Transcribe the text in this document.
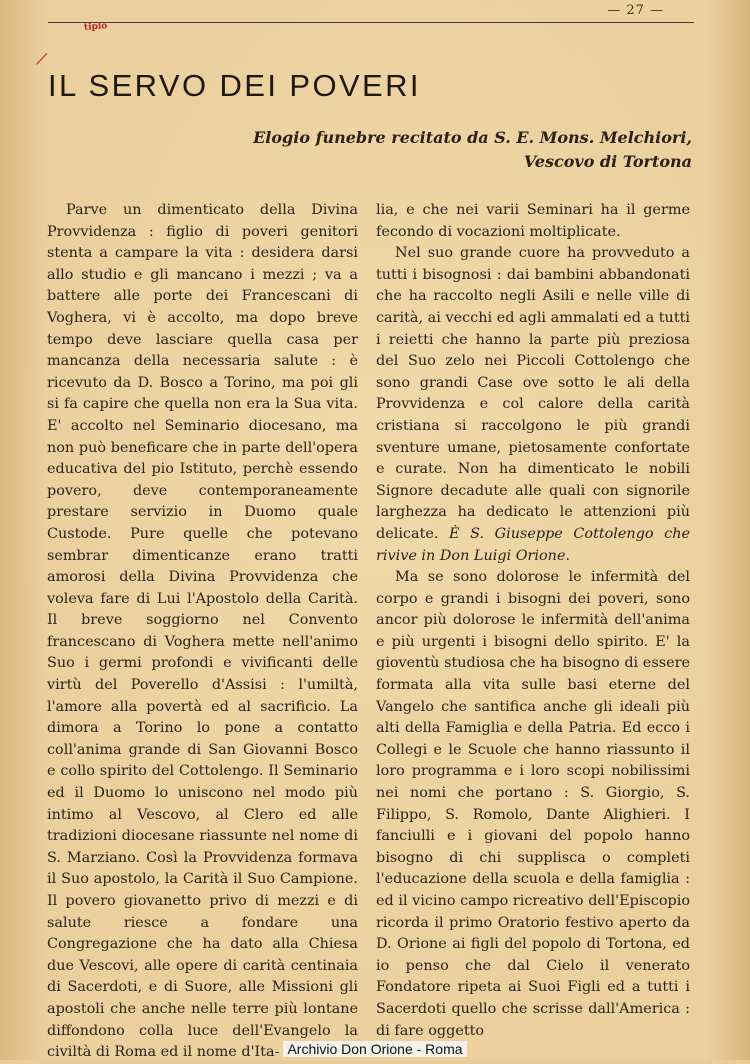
— 27 —
tiplo
⁄
IL SERVO DEI POVERI
Elogio funebre recitato da S. E. Mons. Melchiori,
Vescovo di Tortona

Parve un dimenticato della Divina Provvidenza : figlio di poveri genitori stenta a campare la vita : desidera darsi allo studio e gli mancano i mezzi ; va a battere alle porte dei Francescani di Voghera, vi è accolto, ma dopo breve tempo deve lasciare quella casa per mancanza della necessaria salute : è ricevuto da D. Bosco a Torino, ma poi gli si fa capire che quella non era la Sua vita. E' accolto nel Seminario diocesano, ma non può beneficare che in parte dell'opera educativa del pio Istituto, perchè essendo povero, deve contemporaneamente prestare servizio in Duomo quale Custode. Pure quelle che potevano sembrar dimenticanze erano tratti amorosi della Divina Provvidenza che voleva fare di Lui l'Apostolo della Carità. Il breve soggiorno nel Convento francescano di Voghera mette nell'animo Suo i germi profondi e vivificanti delle virtù del Poverello d'Assisi : l'umiltà, l'amore alla povertà ed al sacrificio. La dimora a Torino lo pone a contatto coll'anima grande di San Giovanni Bosco e collo spirito del Cottolengo. Il Seminario ed il Duomo lo uniscono nel modo più intimo al Vescovo, al Clero ed alle tradizioni diocesane riassunte nel nome di S. Marziano. Così la Provvidenza formava il Suo apostolo, la Carità il Suo Campione. Il povero giovanetto privo di mezzi e di salute riesce a fondare una Congregazione che ha dato alla Chiesa due Vescovi, alle opere di carità centinaia di Sacerdoti, e di Suore, alle Missioni gli apostoli che anche nelle terre più lontane diffondono colla luce dell'Evangelo la civiltà di Roma ed il nome d'Ita-

lia, e che nei varii Seminari ha il germe fecondo di vocazioni moltiplicate.

Nel suo grande cuore ha provveduto a tutti i bisognosi : dai bambini abbandonati che ha raccolto negli Asili e nelle ville di carità, ai vecchi ed agli ammalati ed a tutti i reietti che hanno la parte più preziosa del Suo zelo nei Piccoli Cottolengo che sono grandi Case ove sotto le ali della Provvidenza e col calore della carità cristiana si raccolgono le più grandi sventure umane, pietosamente confortate e curate. Non ha dimenticato le nobili Signore decadute alle quali con signorile larghezza ha dedicato le attenzioni più delicate. È S. Giuseppe Cottolengo che rivive in Don Luigi Orione.

Ma se sono dolorose le infermità del corpo e grandi i bisogni dei poveri, sono ancor più dolorose le infermità dell'anima e più urgenti i bisogni dello spirito. E' la gioventù studiosa che ha bisogno di essere formata alla vita sulle basi eterne del Vangelo che santifica anche gli ideali più alti della Famiglia e della Patria. Ed ecco i Collegi e le Scuole che hanno riassunto il loro programma e i loro scopi nobilissimi nei nomi che portano : S. Giorgio, S. Filippo, S. Romolo, Dante Alighieri. I fanciulli e i giovani del popolo hanno bisogno di chi supplisca o completi l'educazione della scuola e della famiglia : ed il vicino campo ricreativo dell'Episcopio ricorda il primo Oratorio festivo aperto da D. Orione ai figli del popolo di Tortona, ed io penso che dal Cielo il venerato Fondatore ripeta ai Suoi Figli ed a tutti i Sacerdoti quello che scrisse dall'America : di fare oggetto

Archivio Don Orione - Roma
